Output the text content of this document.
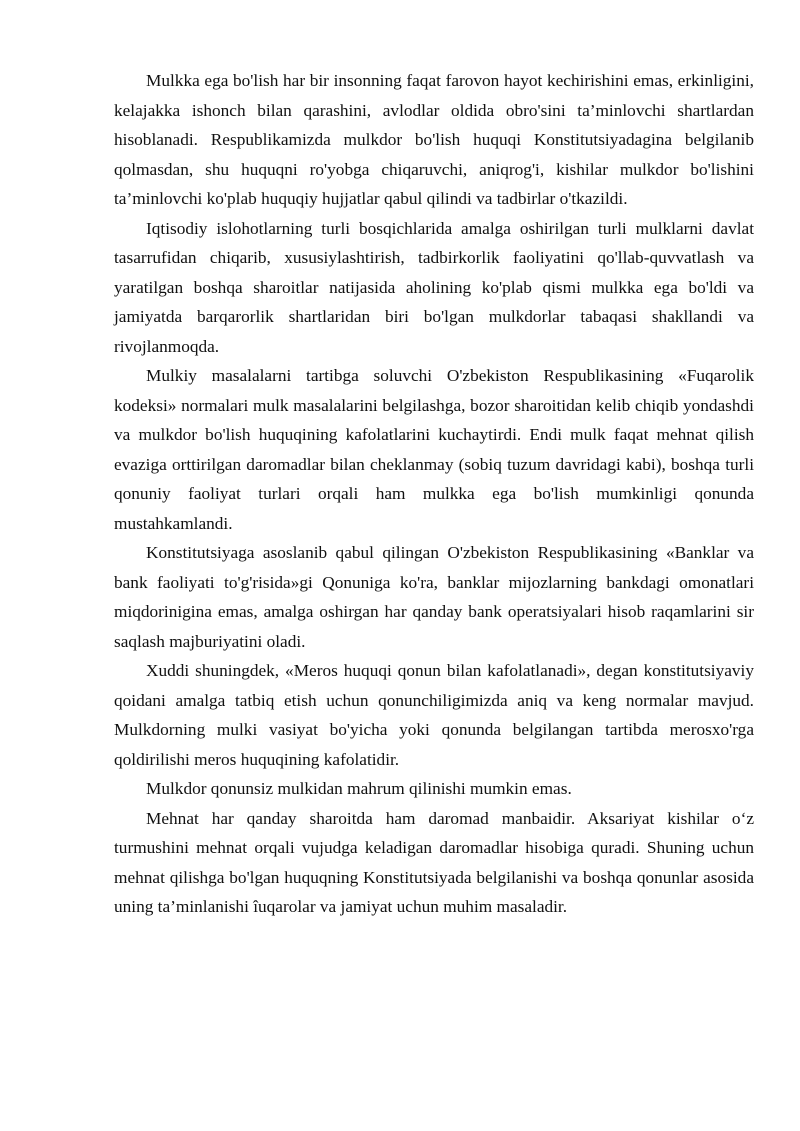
Mulkka ega bo'lish har bir insonning faqat farovon hayot kechirishini emas, erkinligini, kelajakka ishonch bilan qarashini, avlodlar oldida obro'sini ta’minlovchi shartlardan hisoblanadi. Respublikamizda mulkdor bo'lish huquqi Konstitutsiyadagina belgilanib qolmasdan, shu huquqni ro'yobga chiqaruvchi, aniqrog'i, kishilar mulkdor bo'lishini ta’minlovchi ko'plab huquqiy hujjatlar qabul qilindi va tadbirlar o'tkazildi.

Iqtisodiy islohotlarning turli bosqichlarida amalga oshirilgan turli mulklarni davlat tasarrufidan chiqarib, xususiylashtirish, tadbirkorlik faoliyatini qo'llab-quvvatlash va yaratilgan boshqa sharoitlar natijasida aholining ko'plab qismi mulkka ega bo'ldi va jamiyatda barqarorlik shartlaridan biri bo'lgan mulkdorlar tabaqasi shakllandi va rivojlanmoqda.

Mulkiy masalalarni tartibga soluvchi O'zbekiston Respublikasining «Fuqarolik kodeksi» normalari mulk masalalarini belgilashga, bozor sharoitidan kelib chiqib yondashdi va mulkdor bo'lish huquqining kafolatlarini kuchaytirdi. Endi mulk faqat mehnat qilish evaziga orttirilgan daromadlar bilan cheklanmay (sobiq tuzum davridagi kabi), boshqa turli qonuniy faoliyat turlari orqali ham mulkka ega bo'lish mumkinligi qonunda mustahkamlandi.

Konstitutsiyaga asoslanib qabul qilingan O'zbekiston Respublikasining «Banklar va bank faoliyati to'g'risida»gi Qonuniga ko'ra, banklar mijozlarning bankdagi omonatlari miqdorinigina emas, amalga oshirgan har qanday bank operatsiyalari hisob raqamlarini sir saqlash majburiyatini oladi.

Xuddi shuningdek, «Meros huquqi qonun bilan kafolatlanadi», degan konstitutsiyaviy qoidani amalga tatbiq etish uchun qonunchiligimizda aniq va keng normalar mavjud. Mulkdorning mulki vasiyat bo'yicha yoki qonunda belgilangan tartibda merosxo'rga qoldirilishi meros huquqining kafolatidir.

Mulkdor qonunsiz mulkidan mahrum qilinishi mumkin emas.

Mehnat har qanday sharoitda ham daromad manbaidir. Aksariyat kishilar o‘z turmushini mehnat orqali vujudga keladigan daromadlar hisobiga quradi. Shuning uchun mehnat qilishga bo'lgan huquqning Konstitutsiyada belgilanishi va boshqa qonunlar asosida uning ta’minlanishi îuqarolar va jamiyat uchun muhim masaladir.
